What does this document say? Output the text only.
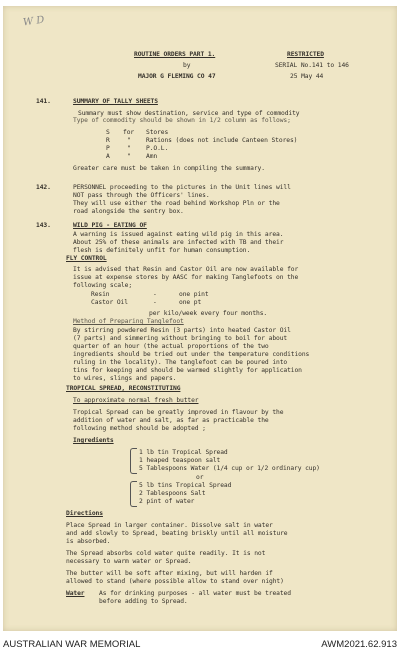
W D
ROUTINE ORDERS PART 1.
by
MAJOR G FLEMING CO 47
RESTRICTED
SERIAL No.141 to 146
25 May 44
141.	SUMMARY OF TALLY SHEETS
Summary must show destination, service and type of commodity
Type of commodity should be shown in 1/2 column as follows;
S for Stores
R	" Rations (does not include Canteen Stores)
P	" P.O.L.
A	" Amn
Greater care must be taken in compiling the summary.
142.	PERSONNEL proceeding to the pictures in the Unit lines will
NOT pass through the Officers' lines.
They will use either the road behind Workshop Pln or the
road alongside the sentry box.
143.	WILD PIG - EATING OF
A warning is issued against eating wild pig in this area.
About 25% of these animals are infected with TB and their
flesh is definitely unfit for human consumption.
FLY CONTROL
It is advised that Resin and Castor Oil are now available for
issue at expense stores by AASC for making Tanglefoots on the
following scale;
Resin	-	one pint
Castor Oil	-	one pt
per kilo/week every four months.
Method of Preparing Tanglefoot
By stirring powdered Resin (3 parts) into heated Castor Oil
(7 parts) and simmering without bringing to boil for about
quarter of an hour (the actual proportions of the two
ingredients should be tried out under the temperature conditions
ruling in the locality). The tanglefoot can be poured into
tins for keeping and should be warmed slightly for application
to wires, slings and papers.
TROPICAL SPREAD, RECONSTITUTING
To approximate normal fresh butter
Tropical Spread can be greatly improved in flavour by the
addition of water and salt, as far as practicable the
following method should be adopted ;
Ingredients
1 lb tin Tropical Spread
1 heaped teaspoon salt
5 Tablespoons Water (1/4 cup or 1/2 ordinary cup)
or
5 lb tins Tropical Spread
2 Tablespoons Salt
2 pint of water
Directions
Place Spread in larger container. Dissolve salt in water
and add slowly to Spread, beating briskly until all moisture
is absorbed.
The Spread absorbs cold water quite readily. It is not
necessary to warm water or Spread.
The butter will be soft after mixing, but will harden if
allowed to stand (where possible allow to stand over night)
Water As for drinking purposes - all water must be treated
before adding to Spread.
AUSTRALIAN WAR MEMORIAL	AWM2021.62.913
